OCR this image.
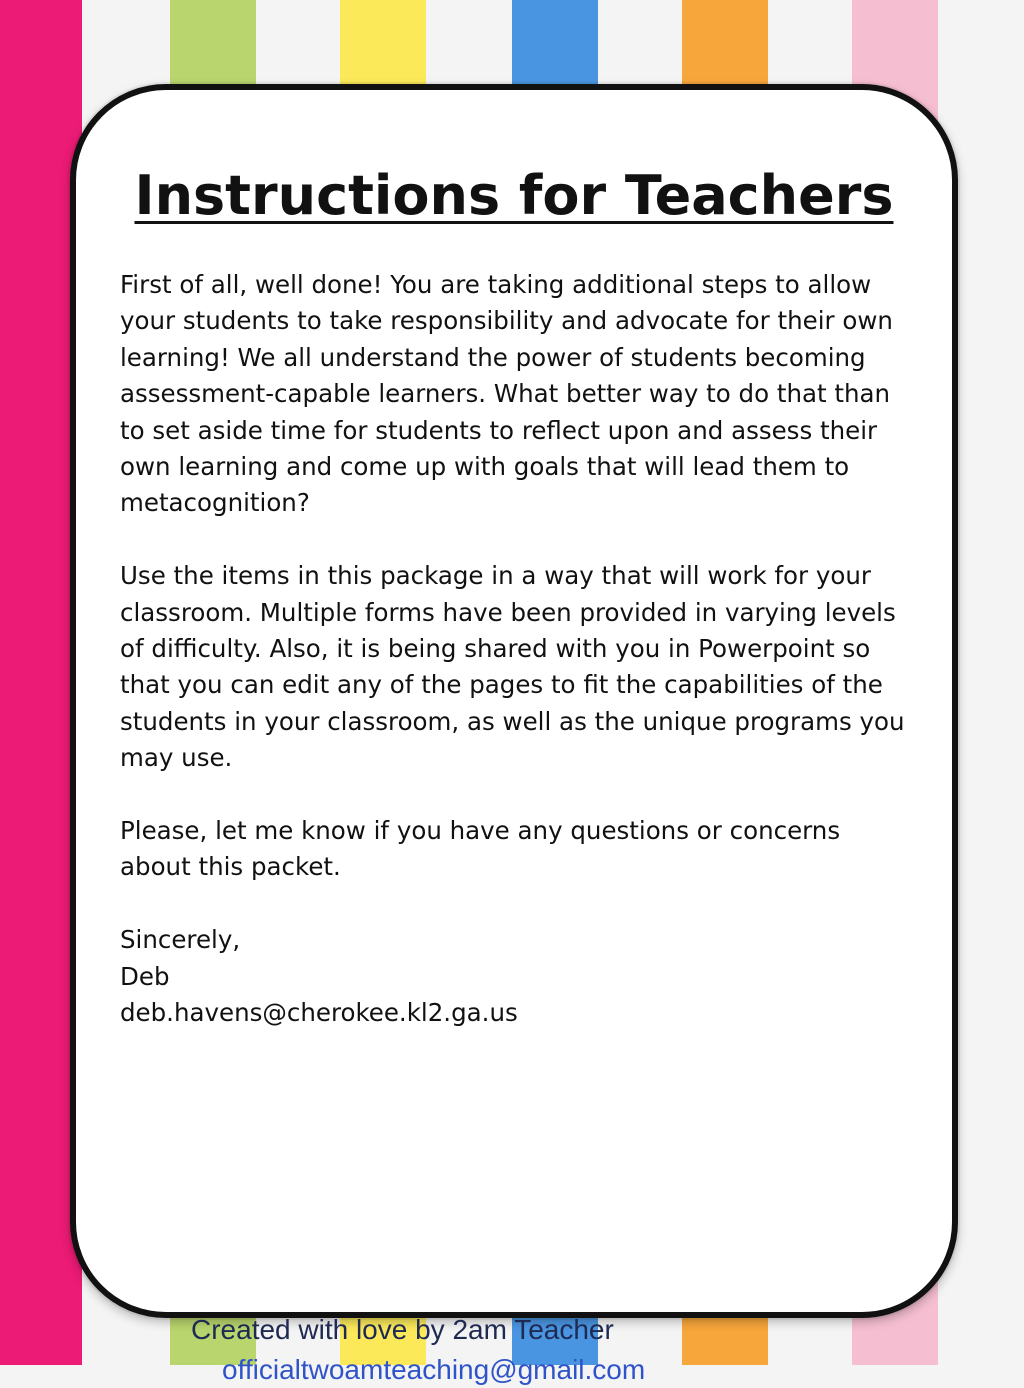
Instructions for Teachers

First of all, well done! You are taking additional steps to allow your students to take responsibility and advocate for their own learning! We all understand the power of students becoming assessment-capable learners. What better way to do that than to set aside time for students to reflect upon and assess their own learning and come up with goals that will lead them to metacognition?

Use the items in this package in a way that will work for your classroom. Multiple forms have been provided in varying levels of difficulty. Also, it is being shared with you in Powerpoint so that you can edit any of the pages to fit the capabilities of the students in your classroom, as well as the unique programs you may use.

Please, let me know if you have any questions or concerns about this packet.

Sincerely,

Deb

deb.havens@cherokee.kl2.ga.us

Created with love by 2am Teacher
officialtwoamteaching@gmail.com
